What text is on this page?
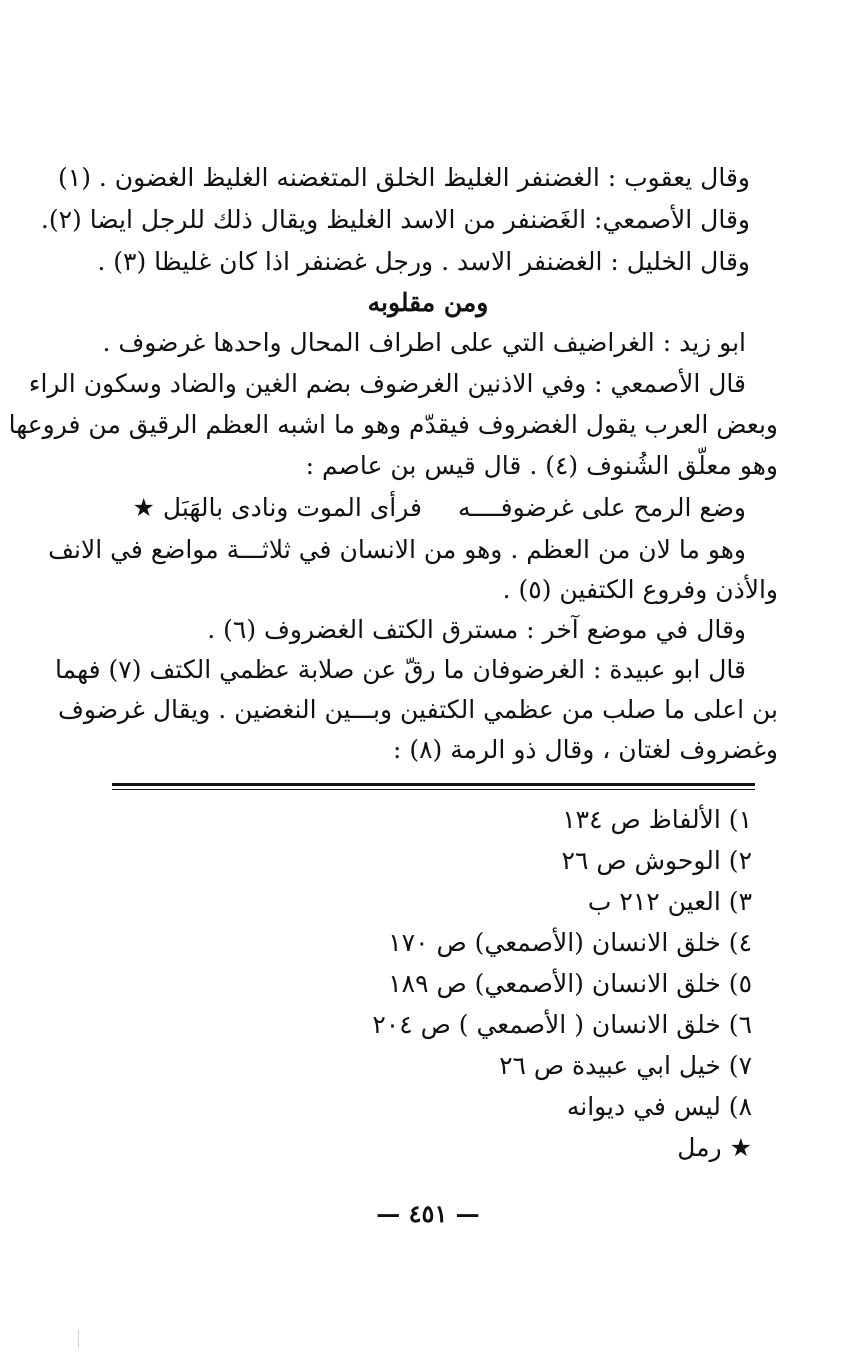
وقال يعقوب : الغضنفر الغليظ الخلق المتغضنه الغليظ الغضون . (١)
وقال الأصمعي: الغَضنفر من الاسد الغليظ ويقال ذلك للرجل ايضا (٢).
وقال الخليل : الغضنفر الاسد . ورجل غضنفر اذا كان غليظا (٣) .
ومن مقلوبه
ابو زيد : الغراضيف التي على اطراف المحال واحدها غرضوف .
قال الأصمعي : وفي الاذنين الغرضوف بضم الغين والضاد وسكون الراء
وبعض العرب يقول الغضروف فيقدّم وهو ما اشبه العظم الرقيق من فروعها
وهو معلّق الشُنوف (٤) . قال قيس بن عاصم :
وضع الرمح على غرضوفــــه
فرأى الموت ونادى بالهَبَل ★
وهو ما لان من العظم . وهو من الانسان في ثلاثـــة مواضع في الانف
والأذن وفروع الكتفين (٥) .
وقال في موضع آخر : مسترق الكتف الغضروف (٦) .
قال ابو عبيدة : الغرضوفان ما رقّ عن صلابة عظمي الكتف (٧) فهما
بن اعلى ما صلب من عظمي الكتفين وبـــين النغضين . ويقال غرضوف
وغضروف لغتان ، وقال ذو الرمة (٨) :
١) الألفاظ ص ١٣٤
٢) الوحوش ص ٢٦
٣) العين ٢١٢ ب
٤) خلق الانسان (الأصمعي) ص ١٧٠
٥) خلق الانسان (الأصمعي) ص ١٨٩
٦) خلق الانسان ( الأصمعي ) ص ٢٠٤
٧) خيل ابي عبيدة ص ٢٦
٨) ليس في ديوانه
★ رمل
— ٤٥١ —
